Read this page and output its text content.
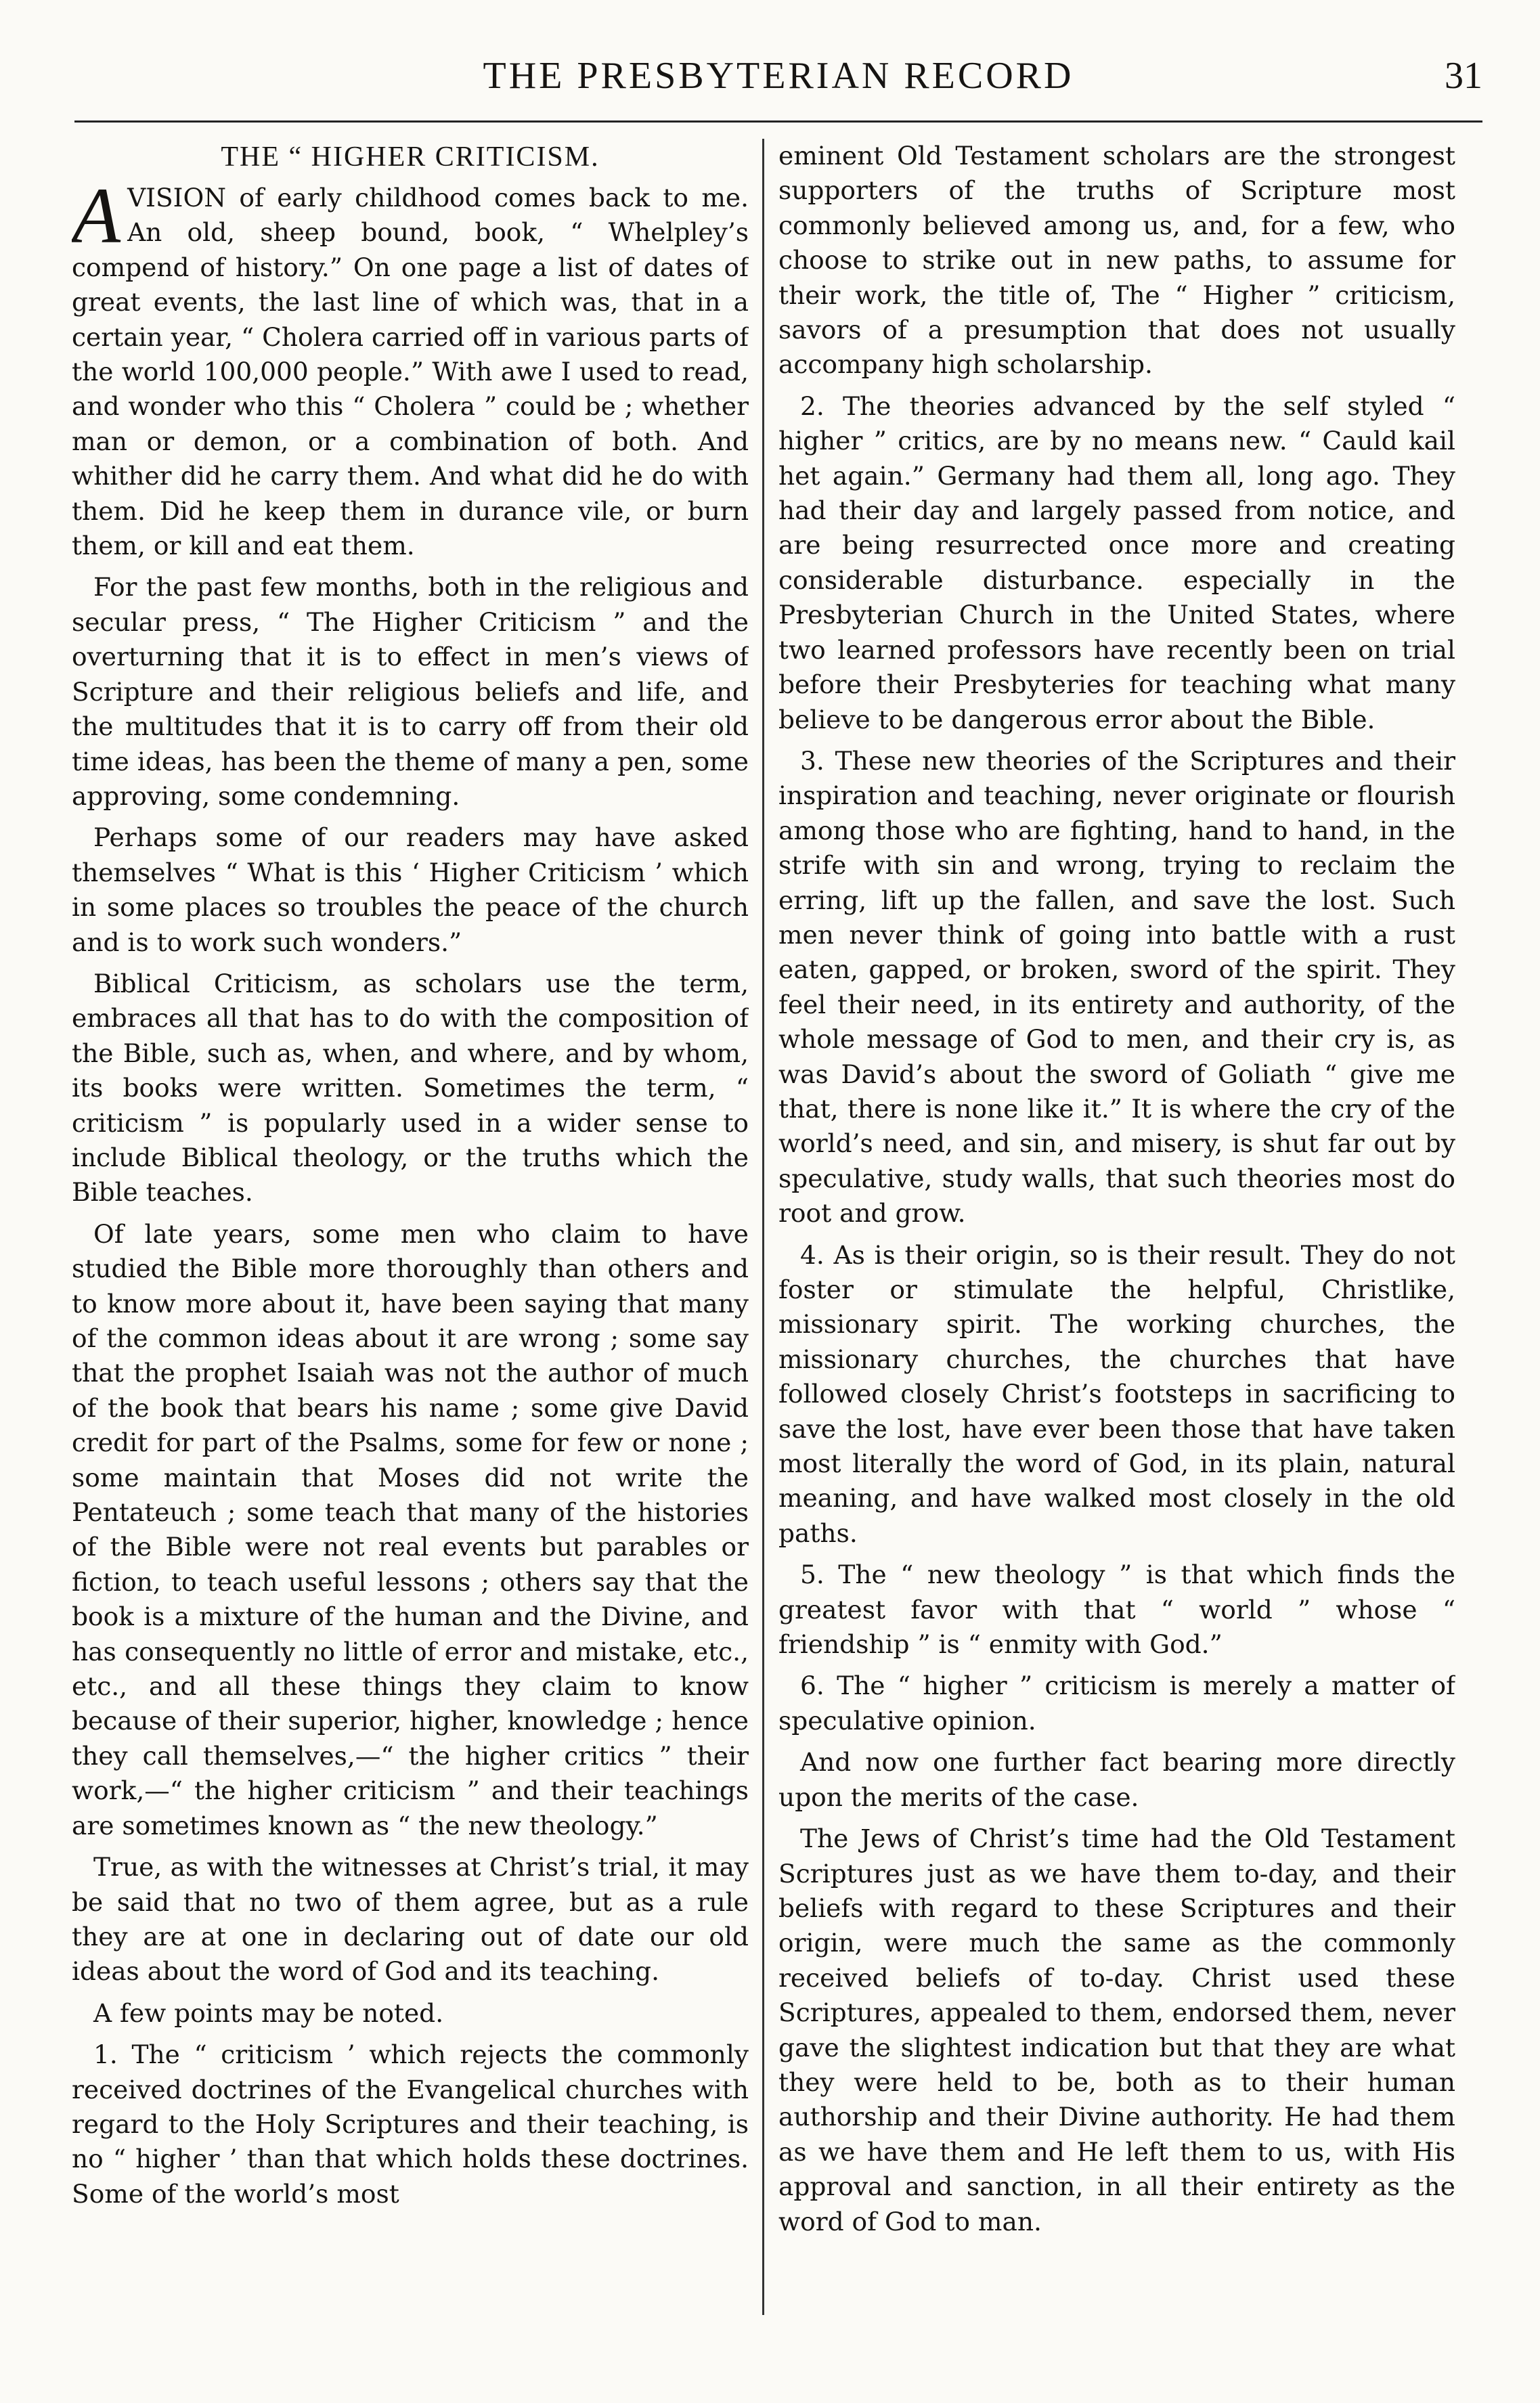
THE PRESBYTERIAN RECORD	31
THE “ HIGHER CRITICISM.

AVISION of early childhood comes back to me. An old, sheep bound, book, “ Whelpley’s compend of history.” On one page a list of dates of great events, the last line of which was, that in a certain year, “ Cholera carried off in various parts of the world 100,000 people.” With awe I used to read, and wonder who this “ Cholera ” could be ; whether man or demon, or a combination of both. And whither did he carry them. And what did he do with them. Did he keep them in durance vile, or burn them, or kill and eat them.

For the past few months, both in the religious and secular press, “ The Higher Criticism ” and the overturning that it is to effect in men’s views of Scripture and their religious beliefs and life, and the multitudes that it is to carry off from their old time ideas, has been the theme of many a pen, some approving, some condemning.

Perhaps some of our readers may have asked themselves “ What is this ‘ Higher Criticism ’ which in some places so troubles the peace of the church and is to work such wonders.”

Biblical Criticism, as scholars use the term, embraces all that has to do with the composition of the Bible, such as, when, and where, and by whom, its books were written. Sometimes the term, “ criticism ” is popularly used in a wider sense to include Biblical theology, or the truths which the Bible teaches.

Of late years, some men who claim to have studied the Bible more thoroughly than others and to know more about it, have been saying that many of the common ideas about it are wrong ; some say that the prophet Isaiah was not the author of much of the book that bears his name ; some give David credit for part of the Psalms, some for few or none ; some maintain that Moses did not write the Pentateuch ; some teach that many of the histories of the Bible were not real events but parables or fiction, to teach useful lessons ; others say that the book is a mixture of the human and the Divine, and has consequently no little of error and mistake, etc., etc., and all these things they claim to know because of their superior, higher, knowledge ; hence they call themselves,—“ the higher critics ” their work,—“ the higher criticism ” and their teachings are sometimes known as “ the new theology.”

True, as with the witnesses at Christ’s trial, it may be said that no two of them agree, but as a rule they are at one in declaring out of date our old ideas about the word of God and its teaching.

A few points may be noted.

1. The “ criticism ’ which rejects the commonly received doctrines of the Evangelical churches with regard to the Holy Scriptures and their teaching, is no “ higher ’ than that which holds these doctrines. Some of the world’s most

eminent Old Testament scholars are the strongest supporters of the truths of Scripture most commonly believed among us, and, for a few, who choose to strike out in new paths, to assume for their work, the title of, The “ Higher ” criticism, savors of a presumption that does not usually accompany high scholarship.

2. The theories advanced by the self styled “ higher ” critics, are by no means new. “ Cauld kail het again.” Germany had them all, long ago. They had their day and largely passed from notice, and are being resurrected once more and creating considerable disturbance. especially in the Presbyterian Church in the United States, where two learned professors have recently been on trial before their Presbyteries for teaching what many believe to be dangerous error about the Bible.

3. These new theories of the Scriptures and their inspiration and teaching, never originate or flourish among those who are fighting, hand to hand, in the strife with sin and wrong, trying to reclaim the erring, lift up the fallen, and save the lost. Such men never think of going into battle with a rust eaten, gapped, or broken, sword of the spirit. They feel their need, in its entirety and authority, of the whole message of God to men, and their cry is, as was David’s about the sword of Goliath “ give me that, there is none like it.” It is where the cry of the world’s need, and sin, and misery, is shut far out by speculative, study walls, that such theories most do root and grow.

4. As is their origin, so is their result. They do not foster or stimulate the helpful, Christlike, missionary spirit. The working churches, the missionary churches, the churches that have followed closely Christ’s footsteps in sacrificing to save the lost, have ever been those that have taken most literally the word of God, in its plain, natural meaning, and have walked most closely in the old paths.

5. The “ new theology ” is that which finds the greatest favor with that “ world ” whose “ friendship ” is “ enmity with God.”

6. The “ higher ” criticism is merely a matter of speculative opinion.

And now one further fact bearing more directly upon the merits of the case.

The Jews of Christ’s time had the Old Testament Scriptures just as we have them to-day, and their beliefs with regard to these Scriptures and their origin, were much the same as the commonly received beliefs of to-day. Christ used these Scriptures, appealed to them, endorsed them, never gave the slightest indication but that they are what they were held to be, both as to their human authorship and their Divine authority. He had them as we have them and He left them to us, with His approval and sanction, in all their entirety as the word of God to man.
